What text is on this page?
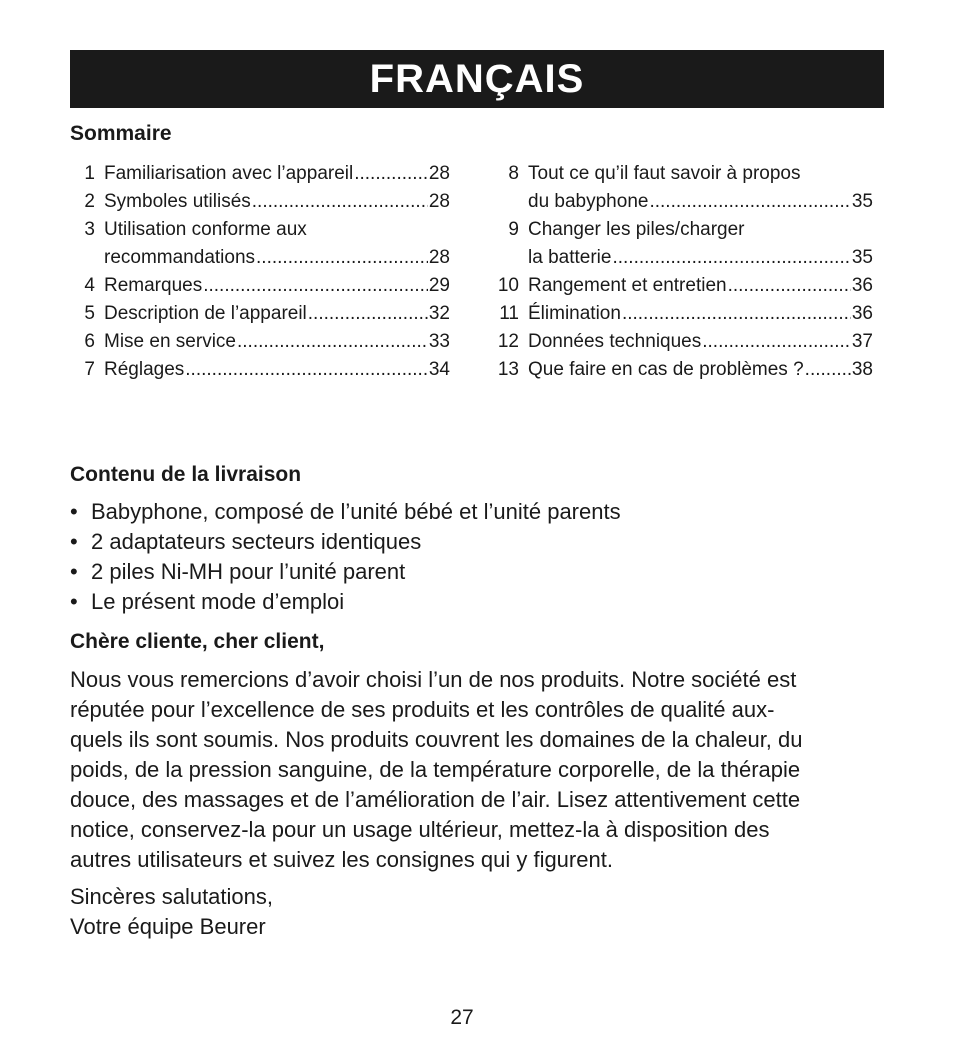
FRANÇAIS
Sommaire
1 Familiarisation avec l’appareil .....	28
2 Symboles utilisés .....	28
3 Utilisation conforme aux
recommandations .....	28
4 Remarques .....	29
5 Description de l’appareil .....	32
6 Mise en service .....	33
7 Réglages .....	34
8 Tout ce qu’il faut savoir à propos
du babyphone .....	35
9 Changer les piles/charger
la batterie .....	35
10 Rangement et entretien .....	36
11 Élimination .....	36
12 Données techniques .....	37
13 Que faire en cas de problèmes ? .....	38
Contenu de la livraison
• Babyphone, composé de l’unité bébé et l’unité parents
• 2 adaptateurs secteurs identiques
• 2 piles Ni-MH pour l’unité parent
• Le présent mode d’emploi
Chère cliente, cher client,
Nous vous remercions d’avoir choisi l’un de nos produits. Notre société est
réputée pour l’excellence de ses produits et les contrôles de qualité aux-
quels ils sont soumis. Nos produits couvrent les domaines de la chaleur, du
poids, de la pression sanguine, de la température corporelle, de la thérapie
douce, des massages et de l’amélioration de l’air. Lisez attentivement cette
notice, conservez-la pour un usage ultérieur, mettez-la à disposition des
autres utilisateurs et suivez les consignes qui y figurent.
Sincères salutations,
Votre équipe Beurer
27
